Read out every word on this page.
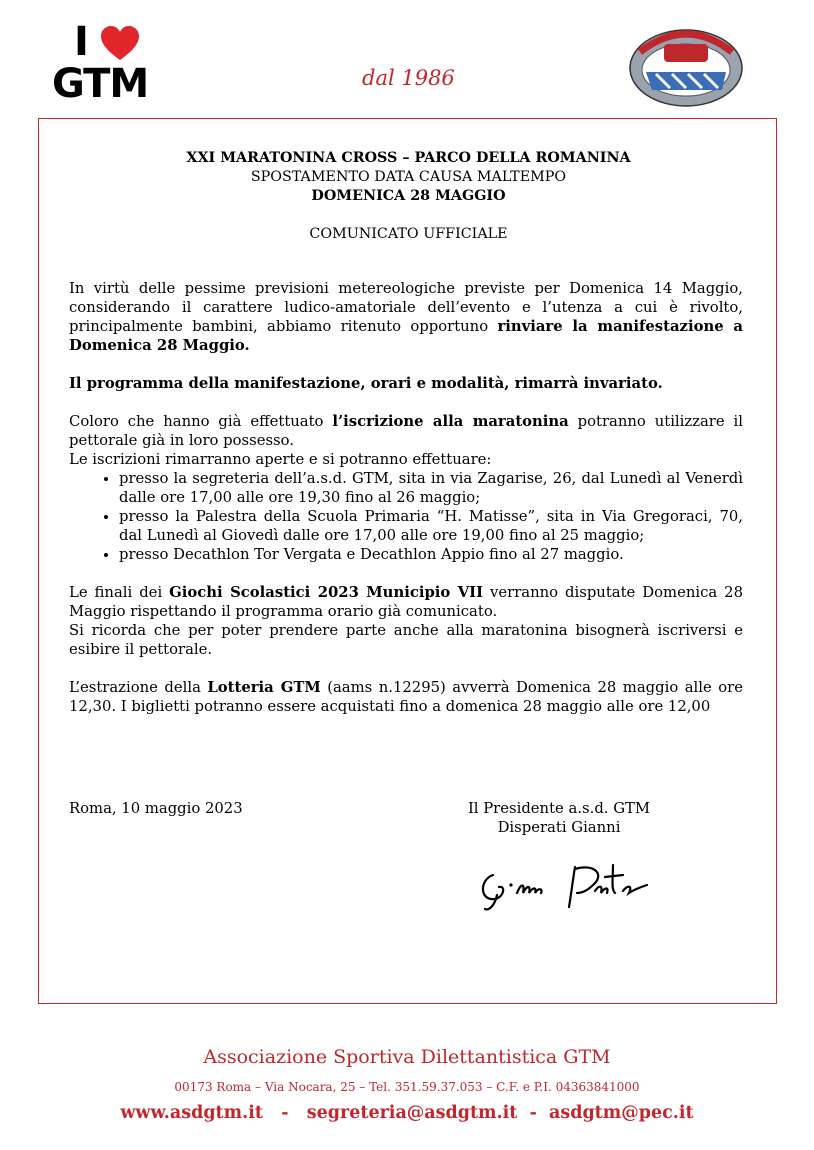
I
GTM	dal 1986
XXI MARATONINA CROSS – PARCO DELLA ROMANINA
SPOSTAMENTO DATA CAUSA MALTEMPO
DOMENICA 28 MAGGIO
COMUNICATO UFFICIALE

In virtù delle pessime previsioni metereologiche previste per Domenica 14 Maggio, considerando il carattere ludico-amatoriale dell’evento e l’utenza a cui è rivolto, principalmente bambini, abbiamo ritenuto opportuno rinviare la manifestazione a Domenica 28 Maggio.

Il programma della manifestazione, orari e modalità, rimarrà invariato.

Coloro che hanno già effettuato l’iscrizione alla maratonina potranno utilizzare il pettorale già in loro possesso.

Le iscrizioni rimarranno aperte e si potranno effettuare:

• presso la segreteria dell’a.s.d. GTM, sita in via Zagarise, 26, dal Lunedì al Venerdì dalle ore 17,00 alle ore 19,30 fino al 26 maggio;
• presso la Palestra della Scuola Primaria “H. Matisse”, sita in Via Gregoraci, 70, dal Lunedì al Giovedì dalle ore 17,00 alle ore 19,00 fino al 25 maggio;
• presso Decathlon Tor Vergata e Decathlon Appio fino al 27 maggio.

Le finali dei Giochi Scolastici 2023 Municipio VII verranno disputate Domenica 28 Maggio rispettando il programma orario già comunicato.

Si ricorda che per poter prendere parte anche alla maratonina bisognerà iscriversi e esibire il pettorale.

L’estrazione della Lotteria GTM (aams n.12295) avverrà Domenica 28 maggio alle ore 12,30. I biglietti potranno essere acquistati fino a domenica 28 maggio alle ore 12,00

Roma, 10 maggio 2023	Il Presidente a.s.d. GTM
Disperati Gianni
Associazione Sportiva Dilettantistica GTM
00173 Roma – Via Nocara, 25 – Tel. 351.59.37.053 – C.F. e P.I. 04363841000
www.asdgtm.it   -   segreteria@asdgtm.it  -  asdgtm@pec.it
